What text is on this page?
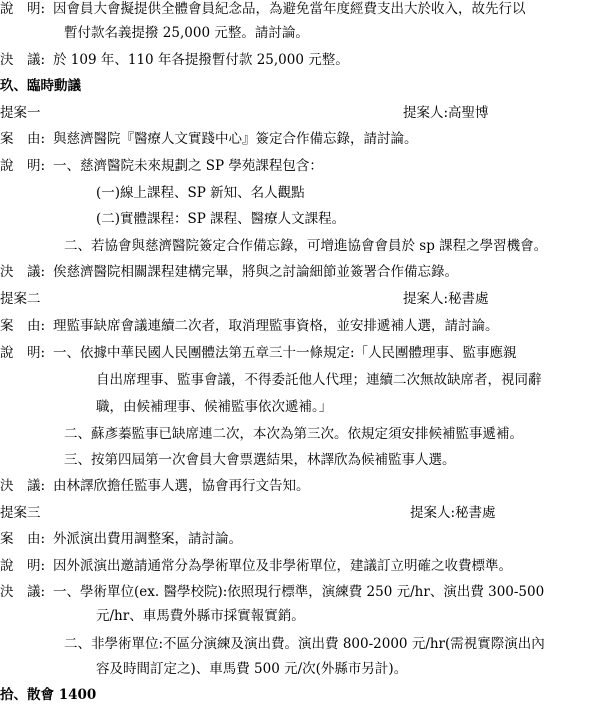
說　明: 因會員大會擬提供全體會員紀念品，為避免當年度經費支出大於收入，故先行以
暫付款名義提撥 25,000 元整。請討論。
決　議: 於 109 年、110 年各提撥暫付款 25,000 元整。
玖、臨時動議
提案一	提案人:高聖博
案　由: 與慈濟醫院『醫療人文實踐中心』簽定合作備忘錄，請討論。
說　明: 一、慈濟醫院未來規劃之 SP 學苑課程包含：
(一)線上課程、SP 新知、名人觀點
(二)實體課程：SP 課程、醫療人文課程。
二、若協會與慈濟醫院簽定合作備忘錄，可增進協會會員於 sp 課程之學習機會。
決　議: 俟慈濟醫院相關課程建構完畢，將與之討論細節並簽署合作備忘錄。
提案二	提案人:秘書處
案　由: 理監事缺席會議連續二次者，取消理監事資格，並安排遞補人選，請討論。
說　明: 一、依據中華民國人民團體法第五章三十一條規定:「人民團體理事、監事應親
自出席理事、監事會議，不得委託他人代理；連續二次無故缺席者，視同辭
職，由候補理事、候補監事依次遞補。」
二、蘇彥蓁監事已缺席連二次，本次為第三次。依規定須安排候補監事遞補。
三、按第四屆第一次會員大會票選結果，林譯欣為候補監事人選。
決　議: 由林譯欣擔任監事人選，協會再行文告知。
提案三	提案人:秘書處
案　由: 外派演出費用調整案，請討論。
說　明: 因外派演出邀請通常分為學術單位及非學術單位，建議訂立明確之收費標準。
決　議: 一、學術單位(ex. 醫學校院):依照現行標準，演練費 250 元/hr、演出費 300-500
元/hr、車馬費外縣市採實報實銷。
二、非學術單位:不區分演練及演出費。演出費 800-2000 元/hr(需視實際演出內
容及時間訂定之)、車馬費 500 元/次(外縣市另計)。
拾、散會 1400
